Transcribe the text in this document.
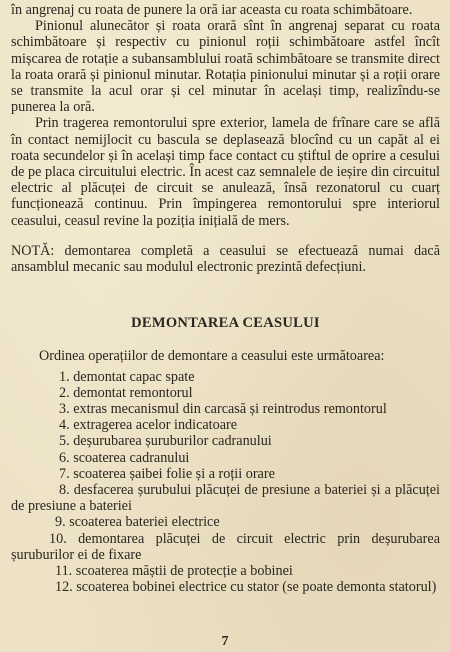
în angrenaj cu roata de punere la oră iar aceasta cu roata schimbătoare.

Pinionul alunecător și roata orară sînt în angrenaj separat cu roata schimbătoare și respectiv cu pinionul roții schimbătoare astfel încît mișcarea de rotație a subansamblului roată schimbătoare se transmite direct la roata orară și pinionul minutar. Rotația pinionului minutar și a roții orare se transmite la acul orar și cel minutar în același timp, realizîndu-se punerea la oră.

Prin tragerea remontorului spre exterior, lamela de frînare care se află în contact nemijlocit cu bascula se deplasează blocînd cu un capăt al ei roata secundelor și în același timp face contact cu știftul de oprire a cesului de pe placa circuitului electric. În acest caz semnalele de ieșire din circuitul electric al plăcuței de circuit se anulează, însă rezonatorul cu cuarț funcționează continuu. Prin împingerea remontorului spre interiorul ceasului, ceasul revine la poziția inițială de mers.

NOTĂ: demontarea completă a ceasului se efectuează numai dacă ansamblul mecanic sau modulul electronic prezintă defecțiuni.

DEMONTAREA CEASULUI

Ordinea operațiilor de demontare a ceasului este următoarea:

1. demontat capac spate
2. demontat remontorul
3. extras mecanismul din carcasă și reintrodus remontorul
4. extragerea acelor indicatoare
5. deșurubarea șuruburilor cadranului
6. scoaterea cadranului
7. scoaterea șaibei folie și a roții orare
8. desfacerea șurubului plăcuței de presiune a bateriei și a plăcuței de presiune a bateriei
9. scoaterea bateriei electrice
10. demontarea plăcuței de circuit electric prin deșurubarea șuruburilor ei de fixare
11. scoaterea măștii de protecție a bobinei
12. scoaterea bobinei electrice cu stator (se poate demonta statorul)
7
